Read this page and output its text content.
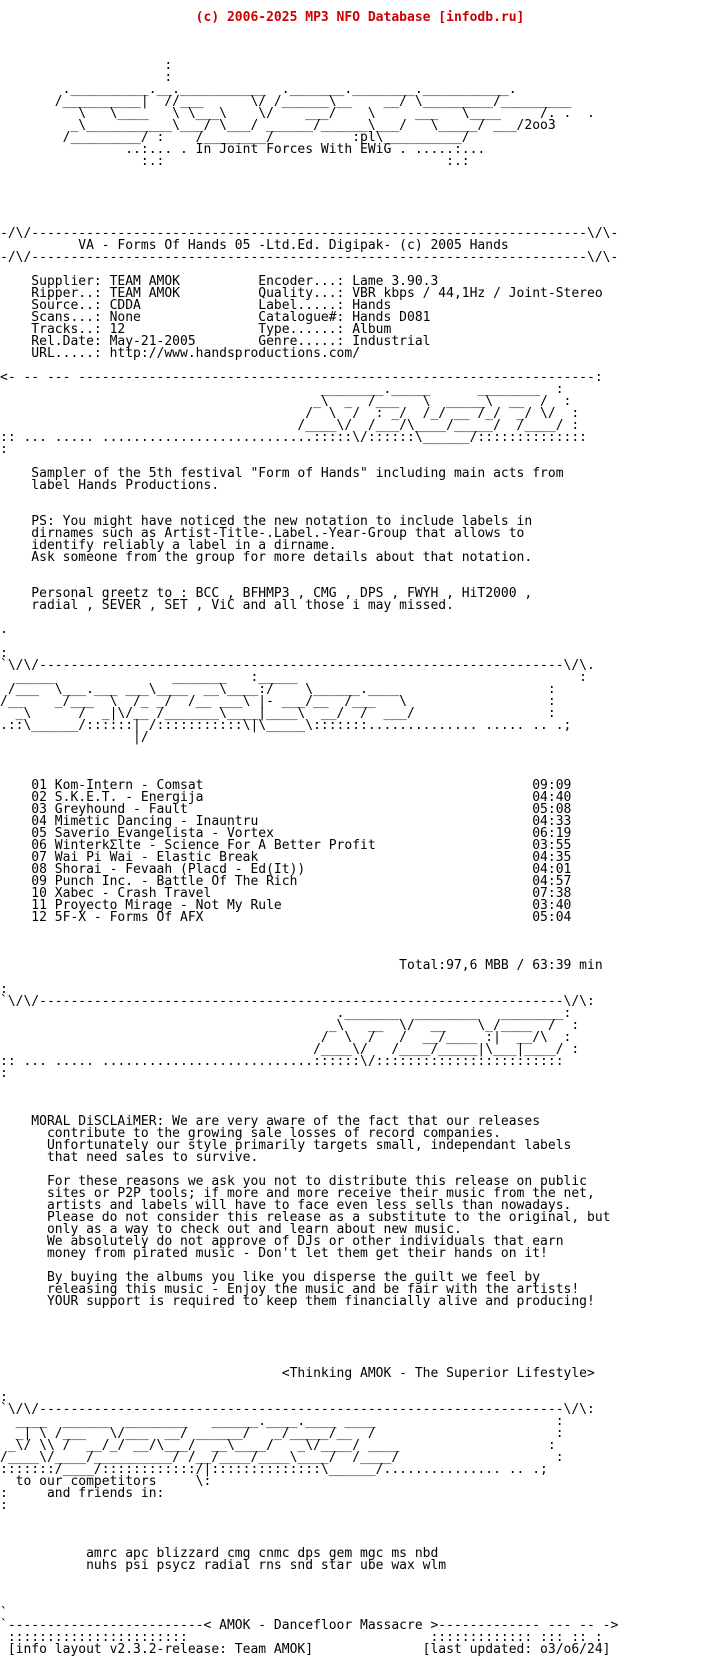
(c) 2006-2025 MP3 NFO Database [infodb.ru]

:
:
.__________.__.___________  ._______.________.___________.
/__________|  //___      \/ /______\__    __/ \_________/_________
\   \____   \ \___\    \/    ___/    \     ___   \____     /. .  .
_\___________\___/ \___/ ______/______\___/   \_____/ ___/2oo3
/_________/ :    /________/          :pl\__________/
..:... . In Joint Forces With EWiG . .....:...
:.:                                    :.:

-/\/-----------------------------------------------------------------------\/\-
VA - Forms Of Hands 05 -Ltd.Ed. Digipak- (c) 2005 Hands
-/\/-----------------------------------------------------------------------\/\-

Supplier: TEAM AMOK          Encoder...: Lame 3.90.3
Ripper..: TEAM AMOK          Quality...: VBR kbps / 44,1Hz / Joint-Stereo
Source..: CDDA               Label.....: Hands
Scans...: None               Catalogue#: Hands D081
Tracks..: 12                 Type......: Album
Rel.Date: May-21-2005        Genre.....: Industrial
URL.....: http://www.handsproductions.com/

<- -- --- ------------------------------------------------------------------:
________._____      ________  :
_\  _  /___   \  _____\  __  /  :
/  \  /  : _/  /_/ __ /_/  _/ \/  :
/____\/  /___/\____/_____/  /____/ :
:: ... ..... ...........................:::::\/::::::\______/::::::::::::::
:

Sampler of the 5th festival "Form of Hands" including main acts from
label Hands Productions.

PS: You might have noticed the new notation to include labels in
dirnames such as Artist-Title-.Label.-Year-Group that allows to
identify reliably a label in a dirname.
Ask someone from the group for more details about that notation.

Personal greetz to : BCC , BFHMP3 , CMG , DPS , FWYH , HiT2000 ,
radial , SEVER , SET , ViC and all those i may missed.

.

:
`\/\/-------------------------------------------------------------------\/\.
_____               _______   :_____                                    :
/___  \___.___ ___\____  __\____:/    \______.____                   :
/__    _/___  \  /_ _/  /__ ___\ |- ___/__  /___   \                  :
_\      /  _|\/__ /_______\____|____\  __/  /  ___/                 :
.::\______/::::::| /:::::::::::\|\_____\:::::::.............. ..... .. .;
|/

01 Kom-Intern - Comsat                                          09:09
02 S.K.E.T. - Energija                                          04:40
03 Greyhound - Fault                                            05:08
04 Mimetic Dancing - Inauntru                                   04:33
05 Saverio Evangelista - Vortex                                 06:19
06 WinterkΣlte - Science For A Better Profit                    03:55
07 Wai Pi Wai - Elastic Break                                   04:35
08 Shorai - Fevaah (Placd - Ed(It))                             04:01
09 Punch Inc. - Battle Of The Rich                              04:57
10 Xabec - Crash Travel                                         07:38
11 Proyecto Mirage - Not My Rule                                03:40
12 5F-X - Forms Of AFX                                          05:04

Total:97,6 MBB / 63:39 min

:
`\/\/-------------------------------------------------------------------\/\:
._______  ________   ________:
_\   __  \/  __    \_/____  /  :
/  \  /   /  __/____ :|  __/\  :
/____\/   /____/_____|\___|____/ :
:: ... ..... ...........................::::::\/::::::::::::::::::::::::
:

MORAL DiSCLAiMER: We are very aware of the fact that our releases
contribute to the growing sale losses of record companies.
Unfortunately our style primarily targets small, independant labels
that need sales to survive.

For these reasons we ask you not to distribute this release on public
sites or P2P tools; if more and more receive their music from the net,
artists and labels will have to face even less sells than nowadays.
Please do not consider this release as a substitute to the original, but
only as a way to check out and learn about new music.
We absolutely do not approve of DJs or other individuals that earn
money from pirated music - Don't let them get their hands on it!

By buying the albums you like you disperse the guilt we feel by
releasing this music - Enjoy the music and be fair with the artists!
YOUR support is required to keep them financially alive and producing!

<Thinking AMOK - The Superior Lifestyle>

:
`\/\/-------------------------------------------------------------------\/\:
____  ______  ________   ______.____.____ ____                       :
_| \ /___   \/___  __/ ______/   _/_____/__  /                       :
_\/ \\ /  __/_/ __/\___/  __\____/   _\/____/ ____                   :
/____\/____/__________/ /__/____/____\____/  /____/                    :
:::::::/____/::::::::::::/|::::::::::::::\______/............... .. .;
to our competitors     \:
:     and friends in:
:

amrc apc blizzard cmg cnmc dps gem mgc ms nbd
nuhs psi psycz radial rns snd star ube wax wlm

`
`-------------------------< AMOK - Dancefloor Massacre >------------- --- -- ->
:::::::::::::::::::::::                               ::::::::::::: ::: :: :
[info layout v2.3.2-release: Team AMOK]              [last updated: o3/o6/24]
